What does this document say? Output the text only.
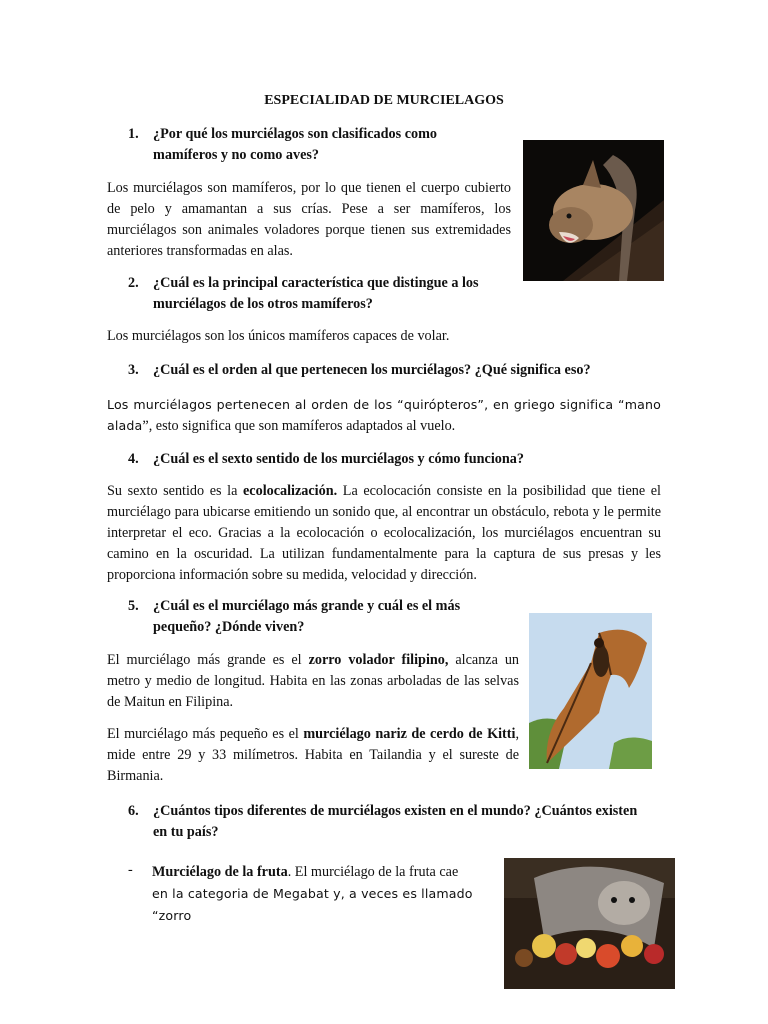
ESPECIALIDAD DE MURCIELAGOS
1.	¿Por qué los murciélagos son clasificados como mamíferos y no como aves?
Los murciélagos son mamíferos, por lo que tienen el cuerpo cubierto de pelo y amamantan a sus crías. Pese a ser mamíferos, los murciélagos son animales voladores porque tienen sus extremidades anteriores transformadas en alas.
2.	¿Cuál es la principal característica que distingue a los murciélagos de los otros mamíferos?
Los murciélagos son los únicos mamíferos capaces de volar.
3.	¿Cuál es el orden al que pertenecen los murciélagos? ¿Qué significa eso?
Los murciélagos pertenecen al orden de los “quirópteros”, en griego significa “mano
alada”, esto significa que son mamíferos adaptados al vuelo.
4.	¿Cuál es el sexto sentido de los murciélagos y cómo funciona?
Su sexto sentido es la ecolocalización. La ecolocación consiste en la posibilidad que tiene el murciélago para ubicarse emitiendo un sonido que, al encontrar un obstáculo, rebota y le permite interpretar el eco. Gracias a la ecolocación o ecolocalización, los murciélagos encuentran su camino en la oscuridad. La utilizan fundamentalmente para la captura de sus presas y les proporciona información sobre su medida, velocidad y dirección.
5.	¿Cuál es el murciélago más grande y cuál es el más pequeño? ¿Dónde viven?
El murciélago más grande es el zorro volador filipino, alcanza un metro y medio de longitud. Habita en las zonas arboladas de las selvas de Maitun en Filipina.
El murciélago más pequeño es el murciélago nariz de cerdo de Kitti, mide entre 29 y 33 milímetros. Habita en Tailandia y el sureste de Birmania.
6.	¿Cuántos tipos diferentes de murciélagos existen en el mundo? ¿Cuántos existen en tu país?
- Murciélago de la fruta. El murciélago de la fruta cae
en la categoria de Megabat y, a veces es llamado “zorro
